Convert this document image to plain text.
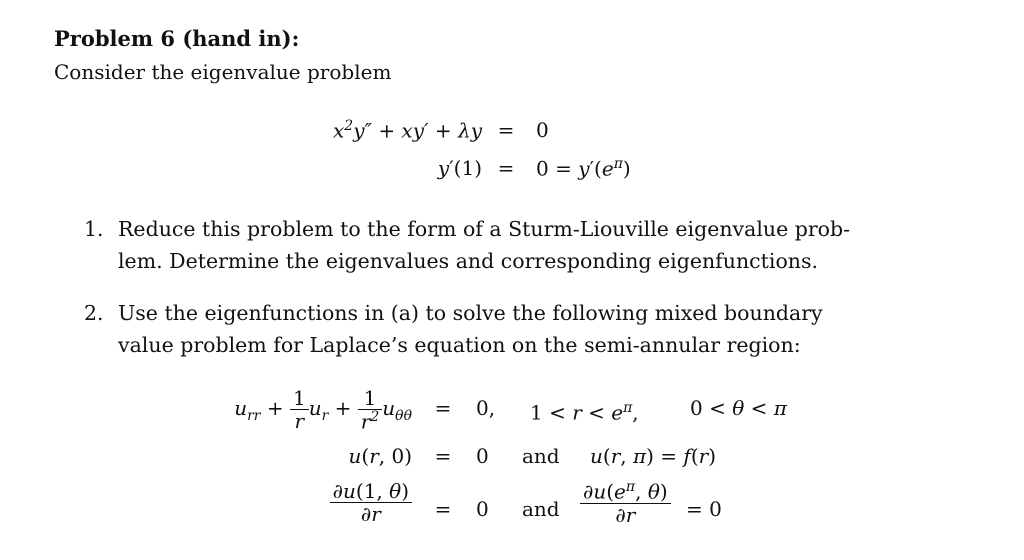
Problem 6 (hand in):
Consider the eigenvalue problem
$x^2y'' + xy' + \lambda y = 0$
$y'(1) = 0 = y'(e^\pi)$
1. Reduce this problem to the form of a Sturm-Liouville eigenvalue prob-
lem. Determine the eigenvalues and corresponding eigenfunctions.
2. Use the eigenfunctions in (a) to solve the following mixed boundary
value problem for Laplace’s equation on the semi-annular region:
$u_{rr} + \frac{1}{r} u_r + \frac{1}{r^2} u_{\theta\theta} = 0$, $1 < r < e^\pi$,	0 < θ < π
u(r, 0) = 0 and u(r, π) = f(r)
$\frac{\partial u(1, \theta)}{\partial r} = 0$ and $\frac{\partial u(e^\pi, \theta)}{\partial r} = 0$
